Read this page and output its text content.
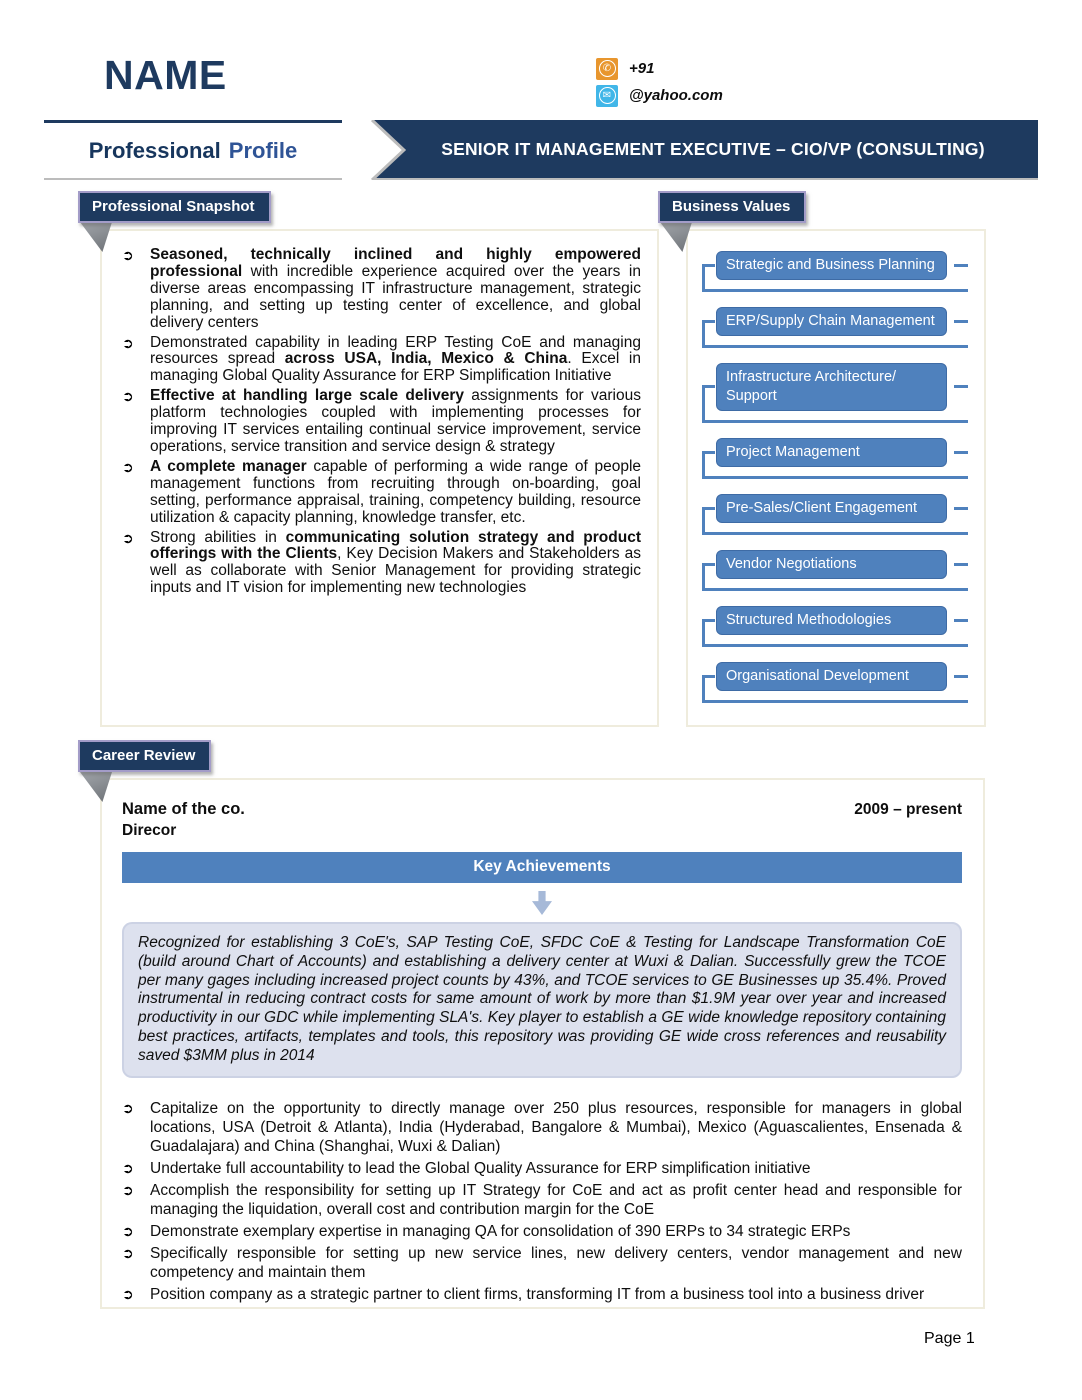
NAME	✆ +91
✉ @yahoo.com
Professional Profile	SENIOR IT MANAGEMENT EXECUTIVE – CIO/VP (CONSULTING)
Professional Snapshot
➲ Seasoned, technically inclined and highly empowered professional with incredible experience acquired over the years in diverse areas encompassing IT infrastructure management, strategic planning, and setting up testing center of excellence, and global delivery centers
➲ Demonstrated capability in leading ERP Testing CoE and managing resources spread across USA, India, Mexico & China. Excel in managing Global Quality Assurance for ERP Simplification Initiative
➲ Effective at handling large scale delivery assignments for various platform technologies coupled with implementing processes for improving IT services entailing continual service improvement, service operations, service transition and service design & strategy
➲ A complete manager capable of performing a wide range of people management functions from recruiting through on-boarding, goal setting, performance appraisal, training, competency building, resource utilization & capacity planning, knowledge transfer, etc.
➲ Strong abilities in communicating solution strategy and product offerings with the Clients, Key Decision Makers and Stakeholders as well as collaborate with Senior Management for providing strategic inputs and IT vision for implementing new technologies
Business Values
Strategic and Business Planning
ERP/Supply Chain Management
Infrastructure Architecture/ Support
Project Management
Pre-Sales/Client Engagement
Vendor Negotiations
Structured Methodologies
Organisational Development
Career Review
Name of the co.	2009 – present
Direcor
Key Achievements
Recognized for establishing 3 CoE's, SAP Testing CoE, SFDC CoE & Testing for Landscape Transformation CoE (build around Chart of Accounts) and establishing a delivery center at Wuxi & Dalian. Successfully grew the TCOE per many gages including increased project counts by 43%, and TCOE services to GE Businesses up 35.4%. Proved instrumental in reducing contract costs for same amount of work by more than $1.9M year over year and increased productivity in our GDC while implementing SLA's. Key player to establish a GE wide knowledge repository containing best practices, artifacts, templates and tools, this repository was providing GE wide cross references and reusability saved $3MM plus in 2014
➲ Capitalize on the opportunity to directly manage over 250 plus resources, responsible for managers in global locations, USA (Detroit & Atlanta), India (Hyderabad, Bangalore & Mumbai), Mexico (Aguascalientes, Ensenada & Guadalajara) and China (Shanghai, Wuxi & Dalian)
➲ Undertake full accountability to lead the Global Quality Assurance for ERP simplification initiative
➲ Accomplish the responsibility for setting up IT Strategy for CoE and act as profit center head and responsible for managing the liquidation, overall cost and contribution margin for the CoE
➲ Demonstrate exemplary expertise in managing QA for consolidation of 390 ERPs to 34 strategic ERPs
➲ Specifically responsible for setting up new service lines, new delivery centers, vendor management and new competency and maintain them
➲ Position company as a strategic partner to client firms, transforming IT from a business tool into a business driver
Page 1
